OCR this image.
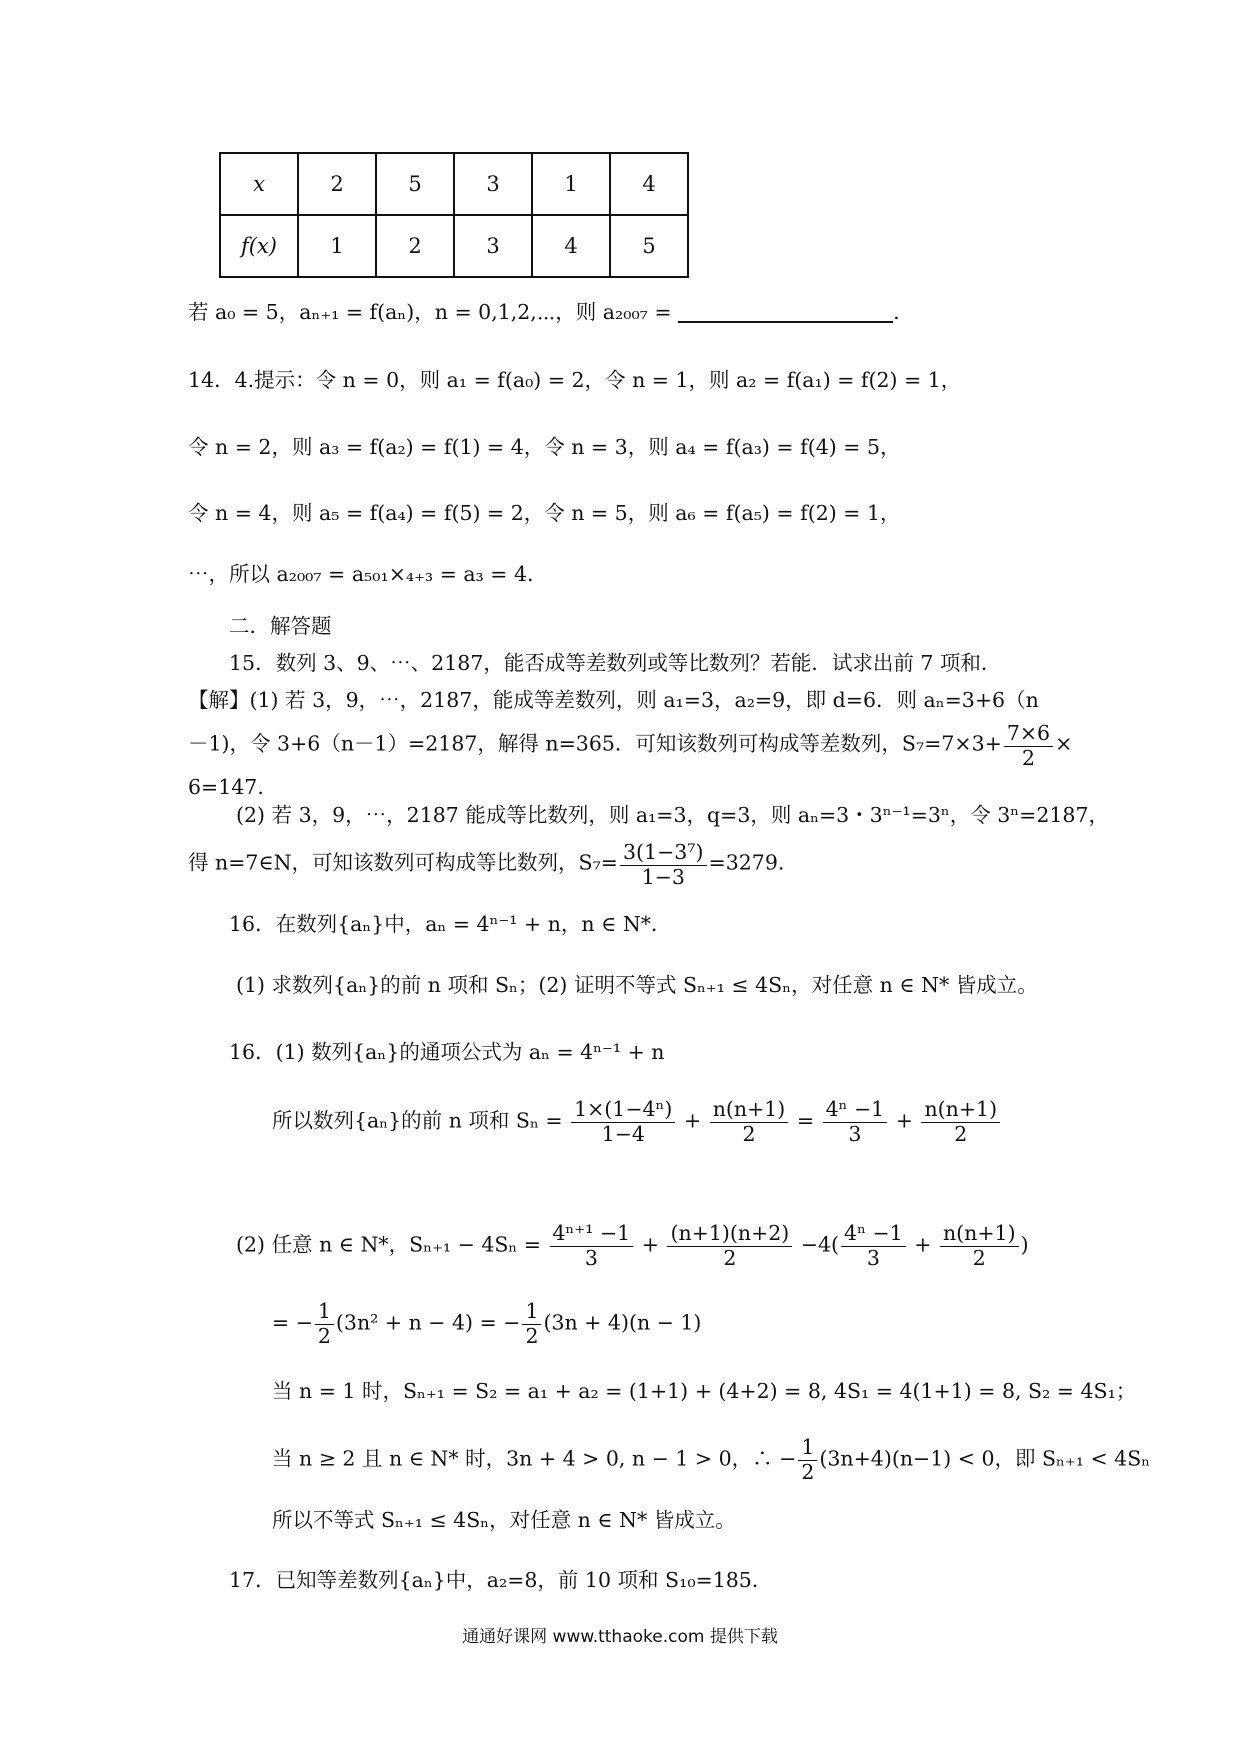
x	2	5	3	1	4
f(x)	1	2	3	4	5
若 a₀ = 5，aₙ₊₁ = f(aₙ)，n = 0,1,2,⋯，则 a₂₀₀₇ =	.
14．4.提示：令 n = 0，则 a₁ = f(a₀) = 2，令 n = 1，则 a₂ = f(a₁) = f(2) = 1，
令 n = 2，则 a₃ = f(a₂) = f(1) = 4，令 n = 3，则 a₄ = f(a₃) = f(4) = 5，
令 n = 4，则 a₅ = f(a₄) = f(5) = 2，令 n = 5，则 a₆ = f(a₅) = f(2) = 1，
⋯，所以 a₂₀₀₇ = a₅₀₁×₄₊₃ = a₃ = 4.
二．解答题
15．数列 3、9、⋯、2187，能否成等差数列或等比数列？若能．试求出前 7 项和．
【解】(1) 若 3，9，⋯，2187，能成等差数列，则 a₁=3，a₂=9，即 d=6．则 aₙ=3+6（n
－1)，令 3+6（n－1）=2187，解得 n=365．可知该数列可构成等差数列，$S_7=7\times 3+ \frac{7\times 6}{2}$ ×
6=147.
(2) 若 3，9，⋯，2187 能成等比数列，则 a₁=3，q=3，则 aₙ=3・3ⁿ⁻¹=3ⁿ，令 3ⁿ=2187，
得 n=7∈N，可知该数列可构成等比数列，$S_7= \frac{\text{3(1−3⁷)}}{1-3} =3279$.
16．在数列{aₙ}中，aₙ = 4ⁿ⁻¹ + n，n ∈ N*．
(1) 求数列{aₙ}的前 n 项和 Sₙ；(2) 证明不等式 Sₙ₊₁ ≤ 4Sₙ，对任意 n ∈ N* 皆成立。
16．(1) 数列{aₙ}的通项公式为 aₙ = 4ⁿ⁻¹ + n
所以数列{aₙ}的前 n 项和 $S_n = \frac{\text{1×(1−4ⁿ)}}{1-4} + \frac{n(n+1)}{2} = \frac{\text{4ⁿ −1}}{3} + \frac{n(n+1)}{2}$
(2) 任意 n ∈ N*，$S_{n+1} - 4S_n = \frac{\text{4ⁿ⁺¹ −1}}{3} + \frac{(n+1)(n+2)}{2} -4( \frac{\text{4ⁿ −1}}{3} + \frac{n(n+1)}{2}$ )
= − $\frac{1}{2} (3n^2 + n - 4)$ = − $\frac{1}{2} (3n + 4)(n - 1)$
当 n = 1 时，Sₙ₊₁ = S₂ = a₁ + a₂ = (1+1) + (4+2) = 8, 4S₁ = 4(1+1) = 8, S₂ = 4S₁；
当 n ≥ 2 且 n ∈ N* 时，3n + 4 > 0, n − 1 > 0，∴ − $\frac{1}{2} (3n+4)(n-1) < 0$，即 Sₙ₊₁ < 4Sₙ
所以不等式 Sₙ₊₁ ≤ 4Sₙ，对任意 n ∈ N* 皆成立。
17．已知等差数列{aₙ}中，a₂=8，前 10 项和 S₁₀=185．
通通好课网 www.tthaoke.com 提供下载
